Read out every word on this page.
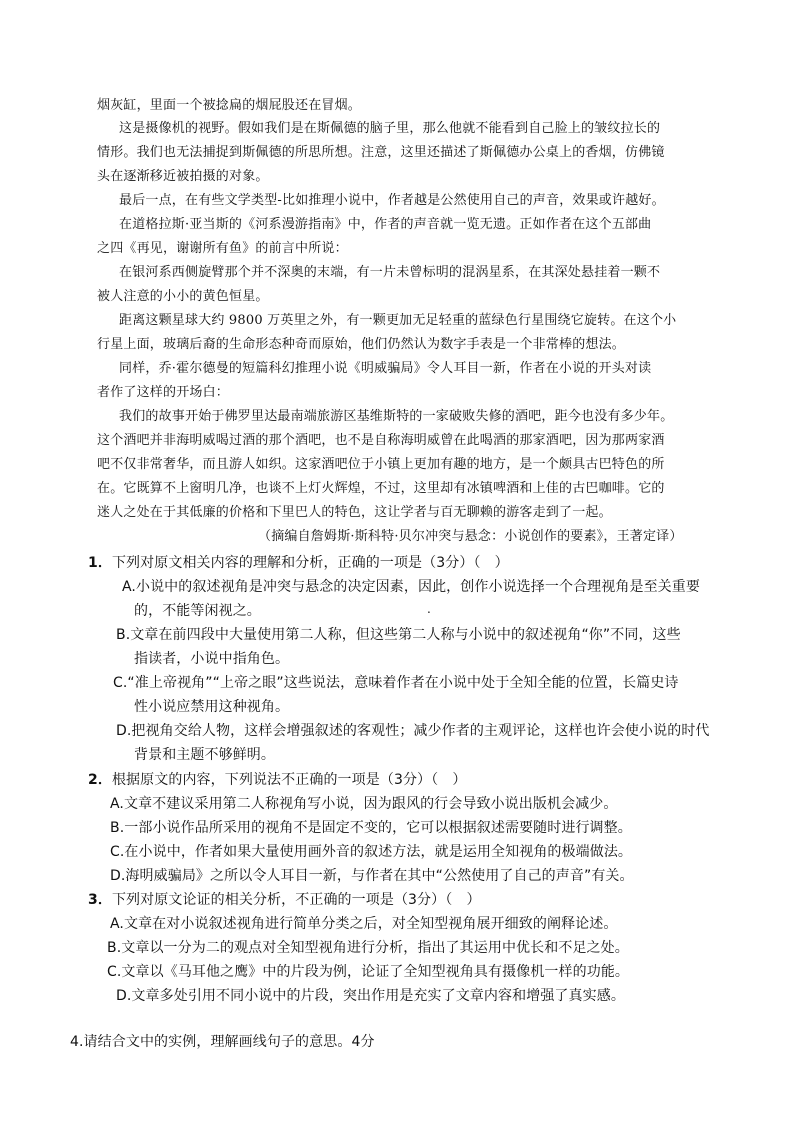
烟灰缸，里面一个被捻扁的烟屁股还在冒烟。
这是摄像机的视野。假如我们是在斯佩德的脑子里，那么他就不能看到自己脸上的皱纹拉长的
情形。我们也无法捕捉到斯佩德的所思所想。注意，这里还描述了斯佩德办公桌上的香烟，仿佛镜
头在逐渐移近被拍摄的对象。
最后一点，在有些文学类型-比如推理小说中，作者越是公然使用自己的声音，效果或许越好。
在道格拉斯·亚当斯的《河系漫游指南》中，作者的声音就一览无遗。正如作者在这个五部曲
之四《再见，谢谢所有鱼》的前言中所说：
在银河系西侧旋臂那个并不深奥的末端，有一片未曾标明的混涡星系，在其深处悬挂着一颗不
被人注意的小小的黄色恒星。
距离这颗星球大约 9800 万英里之外，有一颗更加无足轻重的蓝绿色行星围绕它旋转。在这个小
行星上面，玻璃后裔的生命形态种奇而原始，他们仍然认为数字手表是一个非常棒的想法。
同样，乔·霍尔德曼的短篇科幻推理小说《明威骗局》令人耳目一新，作者在小说的开头对读
者作了这样的开场白：
我们的故事开始于佛罗里达最南端旅游区基维斯特的一家破败失修的酒吧，距今也没有多少年。
这个酒吧并非海明威喝过酒的那个酒吧，也不是自称海明威曾在此喝酒的那家酒吧，因为那两家酒
吧不仅非常奢华，而且游人如织。这家酒吧位于小镇上更加有趣的地方，是一个颇具古巴特色的所
在。它既算不上窗明几净，也谈不上灯火辉煌，不过，这里却有冰镇啤酒和上佳的古巴咖啡。它的
迷人之处在于其低廉的价格和下里巴人的特色，这让学者与百无聊赖的游客走到了一起。
（摘编自詹姆斯·斯科特·贝尔冲突与悬念：小说创作的要素》，王著定译）
1．下列对原文相关内容的理解和分析，正确的一项是（3分）（　）
A.小说中的叙述视角是冲突与悬念的决定因素，因此，创作小说选择一个合理视角是至关重要
的，不能等闲视之。	.
B.文章在前四段中大量使用第二人称，但这些第二人称与小说中的叙述视角“你”不同，这些
指读者，小说中指角色。
C.“准上帝视角”“上帝之眼”这些说法，意味着作者在小说中处于全知全能的位置，长篇史诗
性小说应禁用这种视角。
D.把视角交给人物，这样会增强叙述的客观性；减少作者的主观评论，这样也许会使小说的时代
背景和主题不够鲜明。
2．根据原文的内容，下列说法不正确的一项是（3分）（　）
A.文章不建议采用第二人称视角写小说，因为跟风的行会导致小说出版机会减少。
B.一部小说作品所采用的视角不是固定不变的，它可以根据叙述需要随时进行调整。
C.在小说中，作者如果大量使用画外音的叙述方法，就是运用全知视角的极端做法。
D.海明威骗局》之所以令人耳目一新，与作者在其中“公然使用了自己的声音”有关。
3．下列对原文论证的相关分析，不正确的一项是（3分）（　）
A.文章在对小说叙述视角进行简单分类之后，对全知型视角展开细致的阐释论述。
B.文章以一分为二的观点对全知型视角进行分析，指出了其运用中优长和不足之处。
C.文章以《马耳他之鹰》中的片段为例，论证了全知型视角具有摄像机一样的功能。
D.文章多处引用不同小说中的片段，突出作用是充实了文章内容和增强了真实感。
4.请结合文中的实例，理解画线句子的意思。4分
